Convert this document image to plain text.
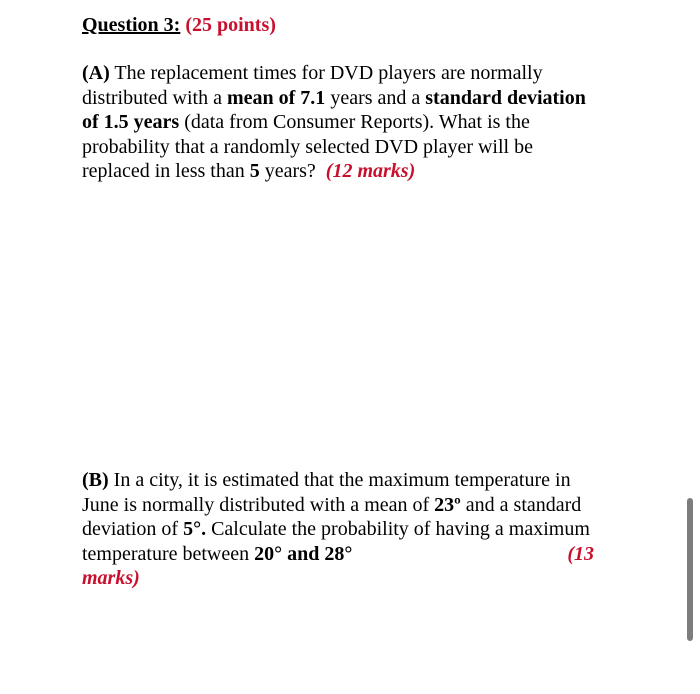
Question 3: (25 points)
(A) The replacement times for DVD players are normally
distributed with a mean of 7.1 years and a standard deviation
of 1.5 years (data from Consumer Reports). What is the
probability that a randomly selected DVD player will be
replaced in less than 5 years? (12 marks)
(B) In a city, it is estimated that the maximum temperature in
June is normally distributed with a mean of 23º and a standard
deviation of 5°. Calculate the probability of having a maximum
temperature between 20° and 28°	(13
marks)
